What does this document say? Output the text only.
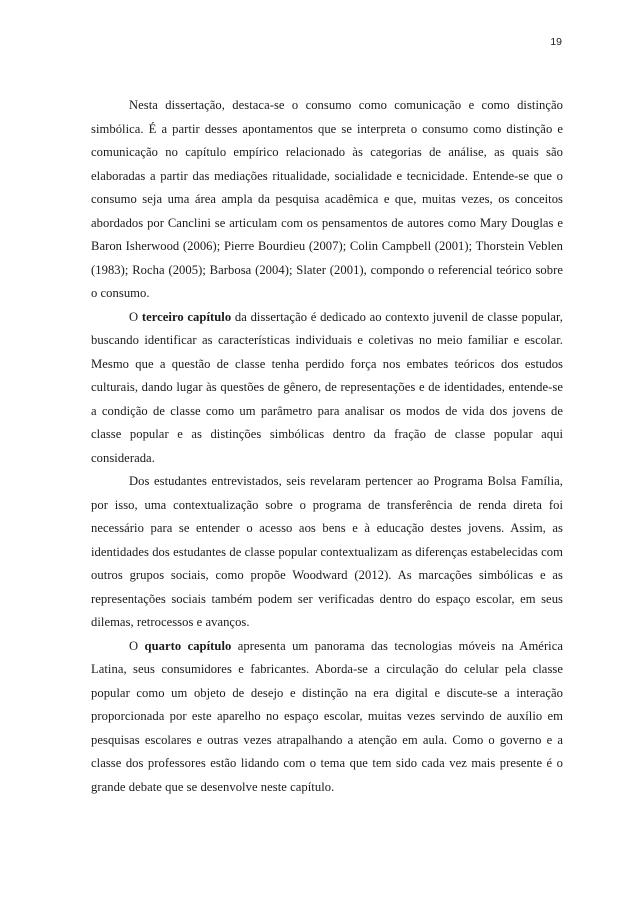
19

Nesta dissertação, destaca-se o consumo como comunicação e como distinção simbólica. É a partir desses apontamentos que se interpreta o consumo como distinção e comunicação no capítulo empírico relacionado às categorias de análise, as quais são elaboradas a partir das mediações ritualidade, socialidade e tecnicidade. Entende-se que o consumo seja uma área ampla da pesquisa acadêmica e que, muitas vezes, os conceitos abordados por Canclini se articulam com os pensamentos de autores como Mary Douglas e Baron Isherwood (2006); Pierre Bourdieu (2007); Colin Campbell (2001); Thorstein Veblen (1983); Rocha (2005); Barbosa (2004); Slater (2001), compondo o referencial teórico sobre o consumo.

O terceiro capítulo da dissertação é dedicado ao contexto juvenil de classe popular, buscando identificar as características individuais e coletivas no meio familiar e escolar. Mesmo que a questão de classe tenha perdido força nos embates teóricos dos estudos culturais, dando lugar às questões de gênero, de representações e de identidades, entende-se a condição de classe como um parâmetro para analisar os modos de vida dos jovens de classe popular e as distinções simbólicas dentro da fração de classe popular aqui considerada.

Dos estudantes entrevistados, seis revelaram pertencer ao Programa Bolsa Família, por isso, uma contextualização sobre o programa de transferência de renda direta foi necessário para se entender o acesso aos bens e à educação destes jovens. Assim, as identidades dos estudantes de classe popular contextualizam as diferenças estabelecidas com outros grupos sociais, como propõe Woodward (2012). As marcações simbólicas e as representações sociais também podem ser verificadas dentro do espaço escolar, em seus dilemas, retrocessos e avanços.

O quarto capítulo apresenta um panorama das tecnologias móveis na América Latina, seus consumidores e fabricantes. Aborda-se a circulação do celular pela classe popular como um objeto de desejo e distinção na era digital e discute-se a interação proporcionada por este aparelho no espaço escolar, muitas vezes servindo de auxílio em pesquisas escolares e outras vezes atrapalhando a atenção em aula. Como o governo e a classe dos professores estão lidando com o tema que tem sido cada vez mais presente é o grande debate que se desenvolve neste capítulo.
